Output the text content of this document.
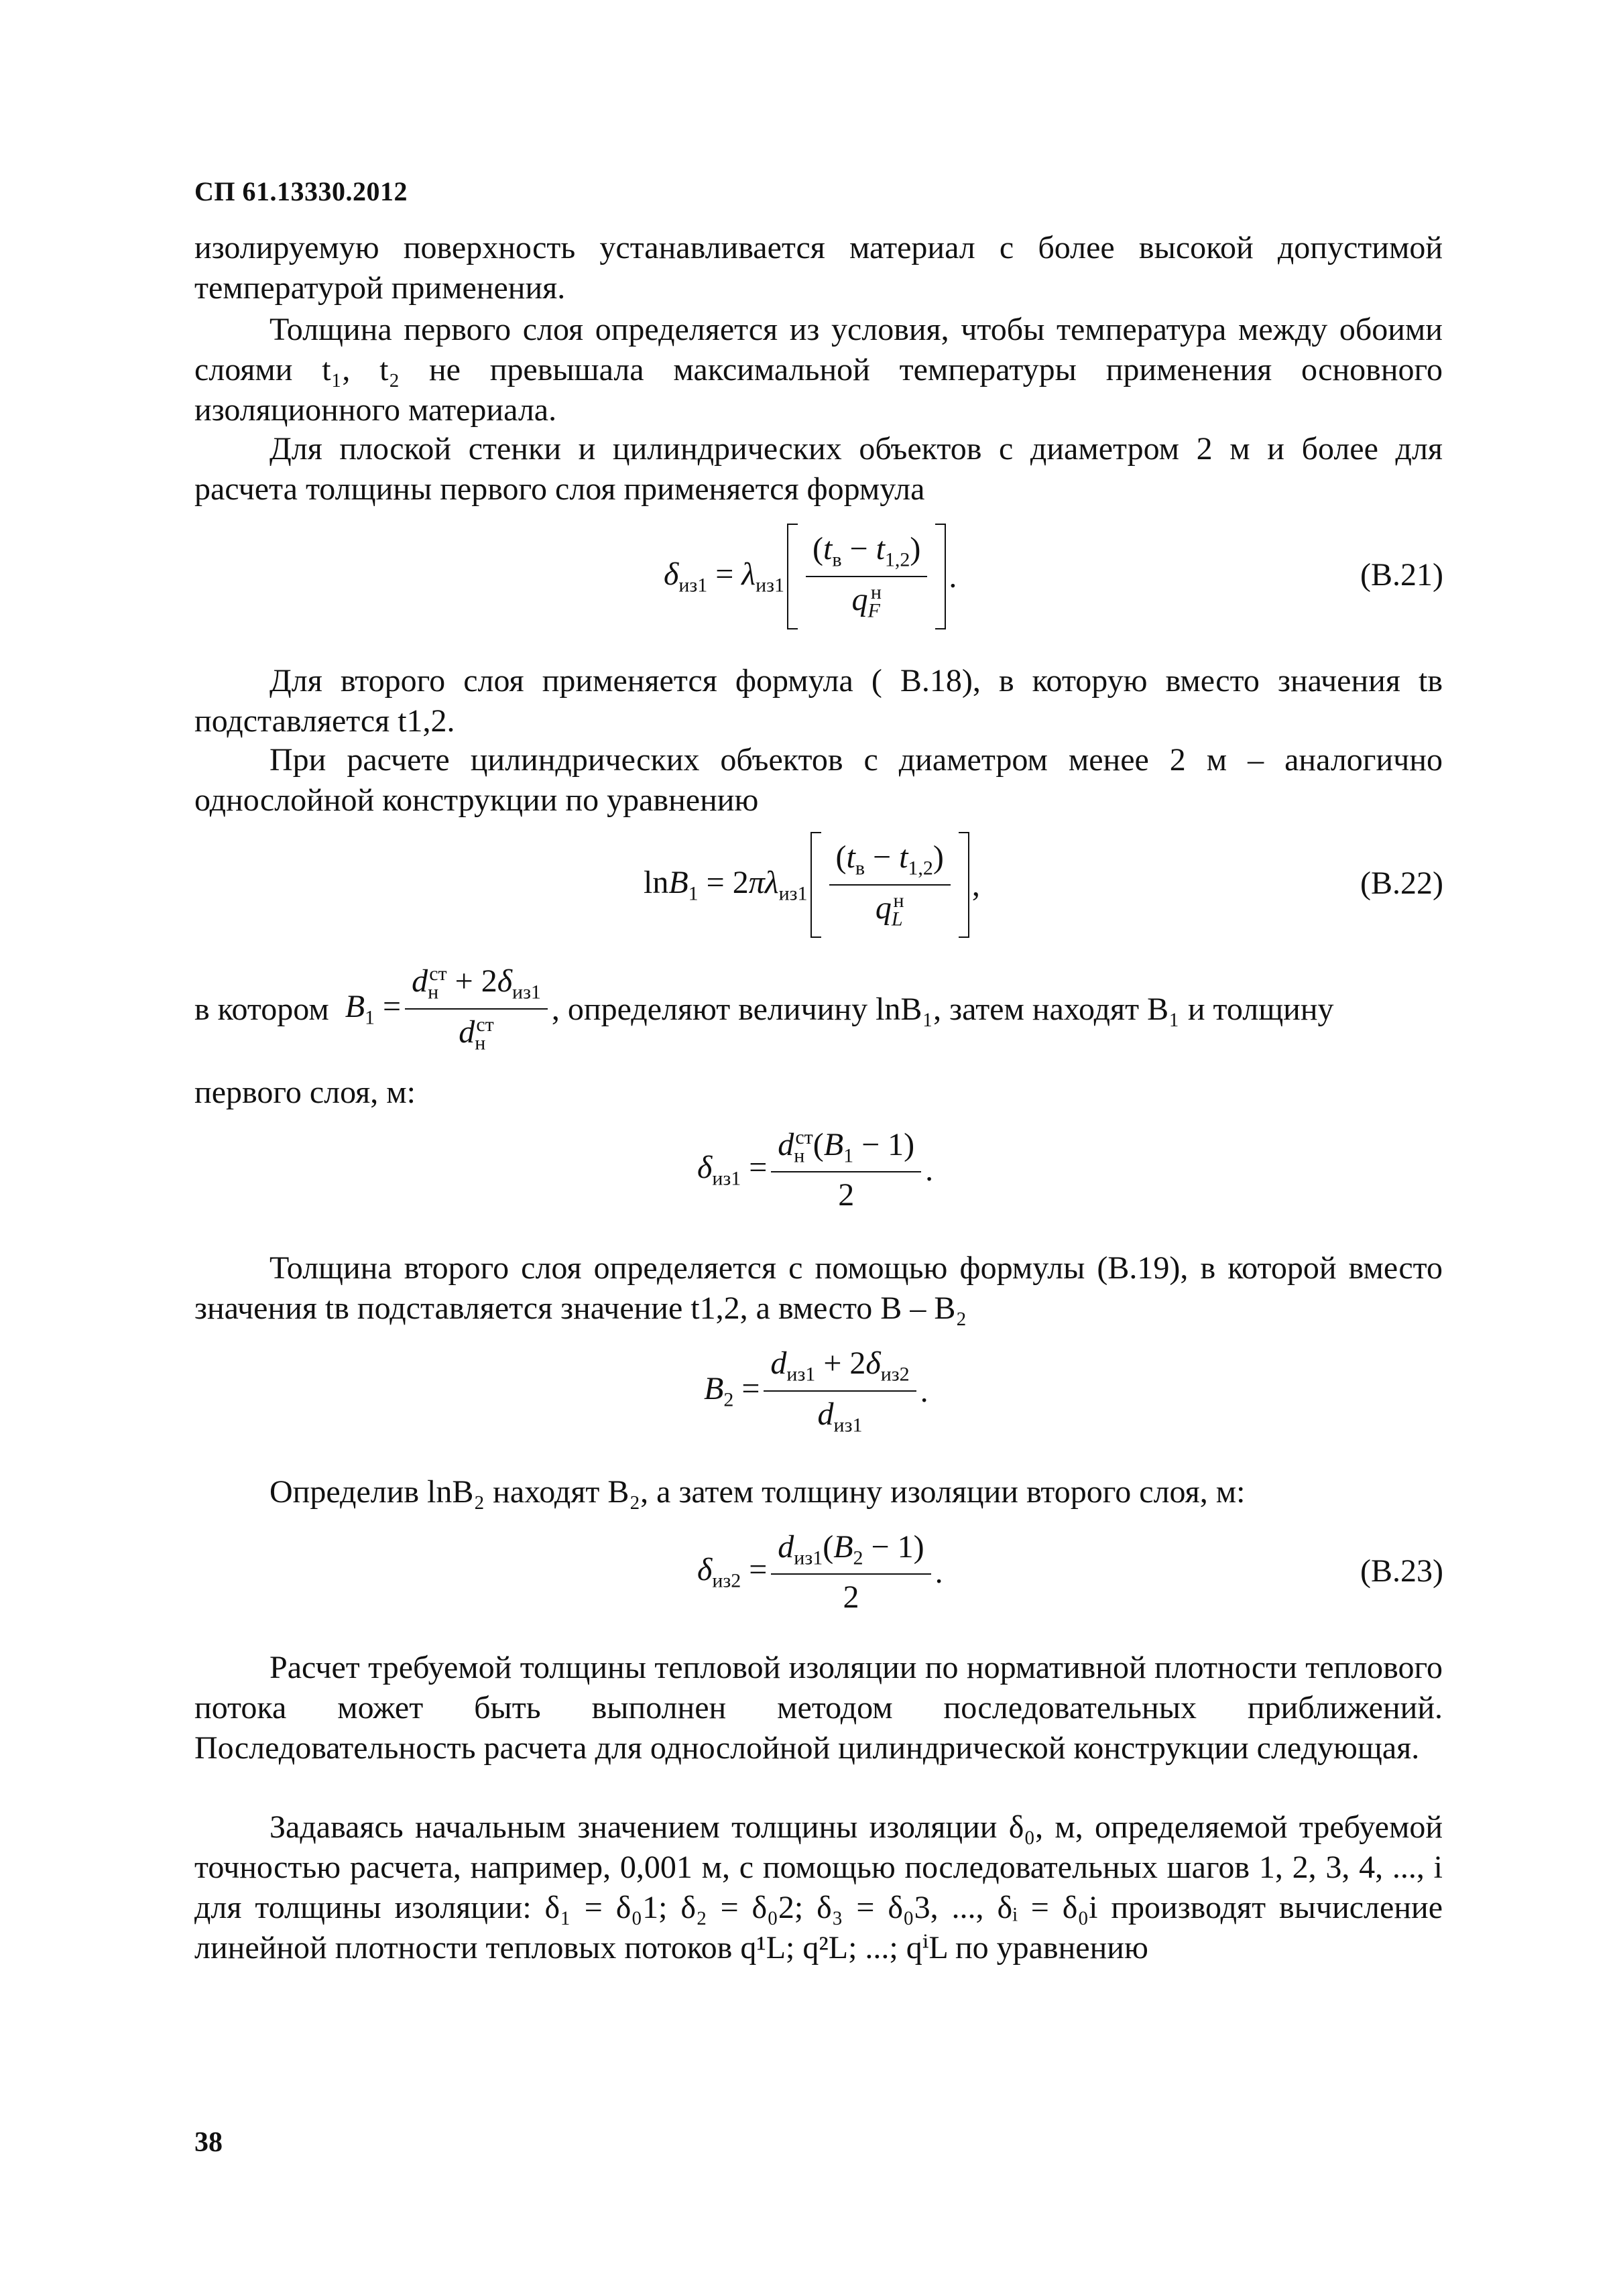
СП 61.13330.2012
изолируемую поверхность устанавливается материал с более высокой допустимой температурой применения.
Толщина первого слоя определяется из условия, чтобы температура между обоими слоями t₁, t₂ не превышала максимальной температуры применения основного изоляционного материала.
Для плоской стенки и цилиндрических объектов с диаметром 2 м и более для расчета толщины первого слоя применяется формула
$\delta_{из1} = \lambda_{из1} \frac{(t_в - t_{1,2})}{q_F^н}$ .	(В.21)
Для второго слоя применяется формула ( В.18), в которую вместо значения tв подставляется t1,2.
При расчете цилиндрических объектов с диаметром менее 2 м – аналогично однослойной конструкции по уравнению
$\ln B_1 = 2\pi\lambda_{из1} \frac{(t_в - t_{1,2})}{q_L^н}$ ,	(В.22)
в котором $B_1 = \frac{d_н^{ст} + 2\delta_{из1}}{d_н^{ст}}$ , определяют величину lnB₁, затем находят B₁ и толщину
первого слоя, м:
$\delta_{из1} = \frac{d_н^{ст}(B_1 - 1)}{2}$ .
Толщина второго слоя определяется с помощью формулы (В.19), в которой вместо значения tв подставляется значение t1,2, а вместо B – B₂
$B_2 = \frac{d_{из1} + 2\delta_{из2}}{d_{из1}}$ .
Определив lnB₂ находят B₂, а затем толщину изоляции второго слоя, м:
$\delta_{из2} = \frac{d_{из1}(B_2 - 1)}{2}$ .	(В.23)
Расчет требуемой толщины тепловой изоляции по нормативной плотности теплового потока может быть выполнен методом последовательных приближений. Последовательность расчета для однослойной цилиндрической конструкции следующая.
Задаваясь начальным значением толщины изоляции δ₀, м, определяемой требуемой точностью расчета, например, 0,001 м, с помощью последовательных шагов 1, 2, 3, 4, ..., i для толщины изоляции: δ₁ = δ₀1; δ₂ = δ₀2; δ₃ = δ₀3, ..., δᵢ = δ₀i производят вычисление линейной плотности тепловых потоков q¹L; q²L; ...; qⁱL по уравнению
38
